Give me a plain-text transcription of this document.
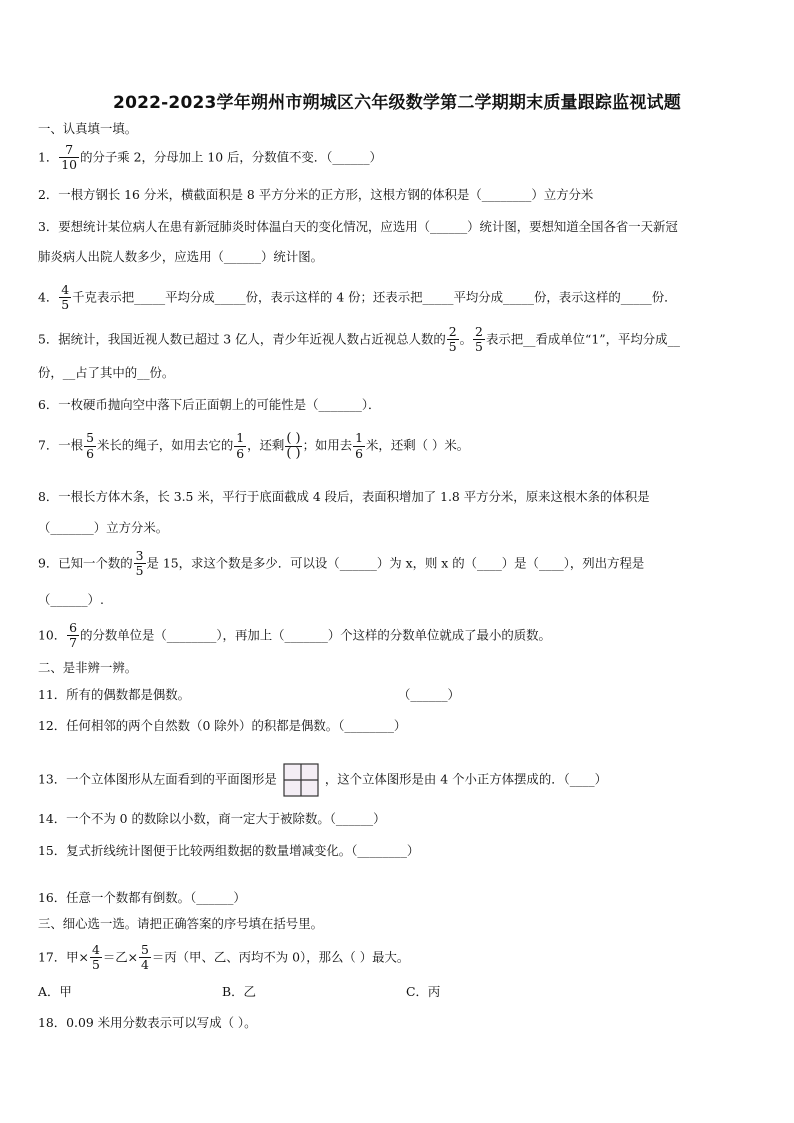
2022-2023学年朔州市朔城区六年级数学第二学期期末质量跟踪监视试题
一、认真填一填。
1． $\frac{7}{10}$ 的分子乘 2，分母加上 10 后，分数值不变．（______）
2．一根方钢长 16 分米，横截面积是 8 平方分米的正方形，这根方钢的体积是（________）立方分米
3．要想统计某位病人在患有新冠肺炎时体温白天的变化情况，应选用（______）统计图，要想知道全国各省一天新冠
肺炎病人出院人数多少，应选用（______）统计图。
4． $\frac{4}{5}$ 千克表示把_____平均分成_____份，表示这样的 4 份；还表示把_____平均分成_____份，表示这样的_____份．
5．据统计，我国近视人数已超过 3 亿人，青少年近视人数占近视总人数的 $\frac{2}{5}$ 。 $\frac{2}{5}$ 表示把__看成单位“1”，平均分成__
份，__占了其中的__份。
6．一枚硬币抛向空中落下后正面朝上的可能性是（_______）．
7．一根 $\frac{5}{6}$ 米长的绳子，如用去它的 $\frac{1}{6}$ ，还剩 $\frac{( )}{( )}$ ；如用去 $\frac{1}{6}$ 米，还剩（ ）米。
8．一根长方体木条，长 3.5 米，平行于底面截成 4 段后，表面积增加了 1.8 平方分米，原来这根木条的体积是
（_______）立方分米。
9．已知一个数的 $\frac{3}{5}$ 是 15，求这个数是多少．可以设（______）为 x，则 x 的（____）是（____），列出方程是
（______）.
10． $\frac{6}{7}$ 的分数单位是（________），再加上（_______）个这样的分数单位就成了最小的质数。
二、是非辨一辨。
11．所有的偶数都是偶数。	（______）
12．任何相邻的两个自然数（0 除外）的积都是偶数。（________）
13．一个立体图形从左面看到的平面图形是	，这个立体图形是由 4 个小正方体摆成的．（____）
14．一个不为 0 的数除以小数，商一定大于被除数。（______）
15．复式折线统计图便于比较两组数据的数量增减变化。（________）
16．任意一个数都有倒数。（______）
三、细心选一选。请把正确答案的序号填在括号里。
17．甲× $\frac{4}{5}$ ＝乙× $\frac{5}{4}$ ＝丙（甲、乙、丙均不为 0），那么（ ）最大。
A．甲	B．乙	C．丙
18．0.09 米用分数表示可以写成（ ）。
